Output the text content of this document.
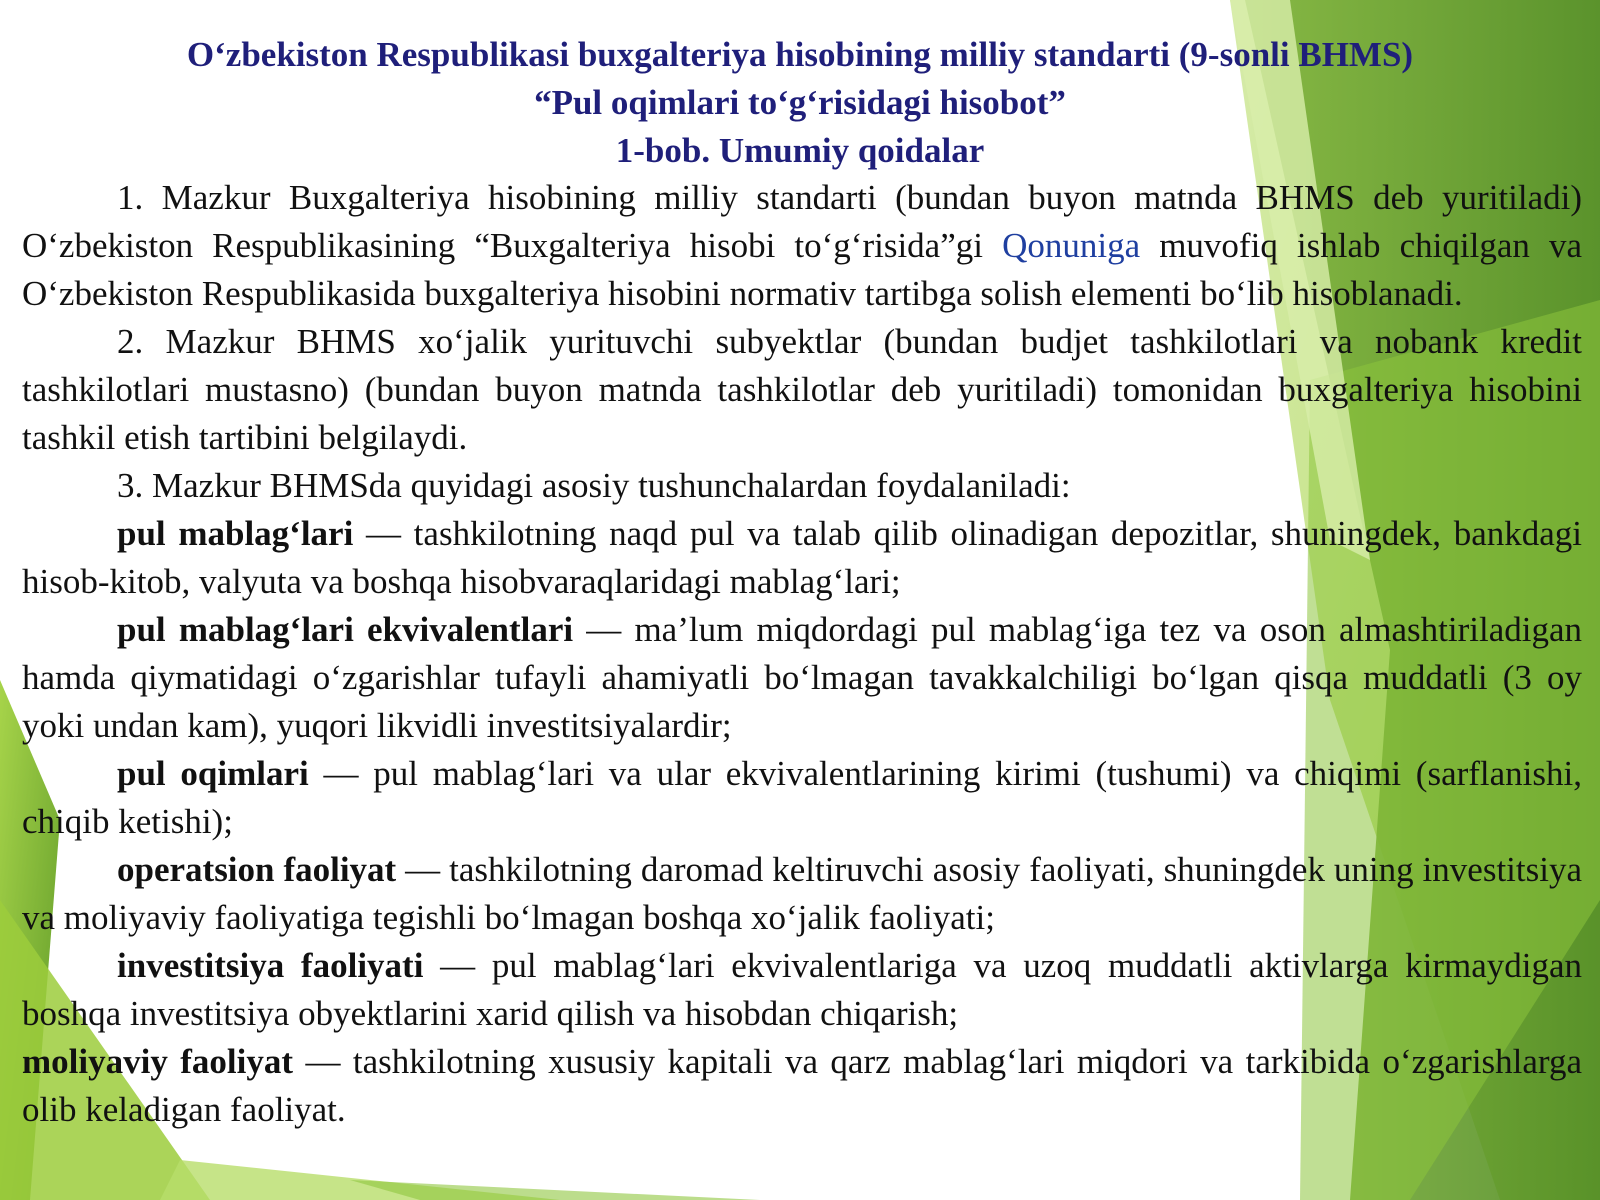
O‘zbekiston Respublikasi buxgalteriya hisobining milliy standarti (9-sonli BHMS)
“Pul oqimlari to‘g‘risidagi hisobot”
1-bob. Umumiy qoidalar

1. Mazkur Buxgalteriya hisobining milliy standarti (bundan buyon matnda BHMS deb yuritiladi) O‘zbekiston Respublikasining “Buxgalteriya hisobi to‘g‘risida”gi Qonuniga muvofiq ishlab chiqilgan va O‘zbekiston Respublikasida buxgalteriya hisobini normativ tartibga solish elementi bo‘lib hisoblanadi.

2. Mazkur BHMS xo‘jalik yurituvchi subyektlar (bundan budjet tashkilotlari va nobank kredit tashkilotlari mustasno) (bundan buyon matnda tashkilotlar deb yuritiladi) tomonidan buxgalteriya hisobini tashkil etish tartibini belgilaydi.

3. Mazkur BHMSda quyidagi asosiy tushunchalardan foydalaniladi:

pul mablag‘lari — tashkilotning naqd pul va talab qilib olinadigan depozitlar, shuningdek, bankdagi hisob-kitob, valyuta va boshqa hisobvaraqlaridagi mablag‘lari;

pul mablag‘lari ekvivalentlari — ma’lum miqdordagi pul mablag‘iga tez va oson almashtiriladigan hamda qiymatidagi o‘zgarishlar tufayli ahamiyatli bo‘lmagan tavakkalchiligi bo‘lgan qisqa muddatli (3 oy yoki undan kam), yuqori likvidli investitsiyalardir;

pul oqimlari — pul mablag‘lari va ular ekvivalentlarining kirimi (tushumi) va chiqimi (sarflanishi, chiqib ketishi);

operatsion faoliyat — tashkilotning daromad keltiruvchi asosiy faoliyati, shuningdek uning investitsiya va moliyaviy faoliyatiga tegishli bo‘lmagan boshqa xo‘jalik faoliyati;

investitsiya faoliyati — pul mablag‘lari ekvivalentlariga va uzoq muddatli aktivlarga kirmaydigan boshqa investitsiya obyektlarini xarid qilish va hisobdan chiqarish;

moliyaviy faoliyat — tashkilotning xususiy kapitali va qarz mablag‘lari miqdori va tarkibida o‘zgarishlarga olib keladigan faoliyat.
